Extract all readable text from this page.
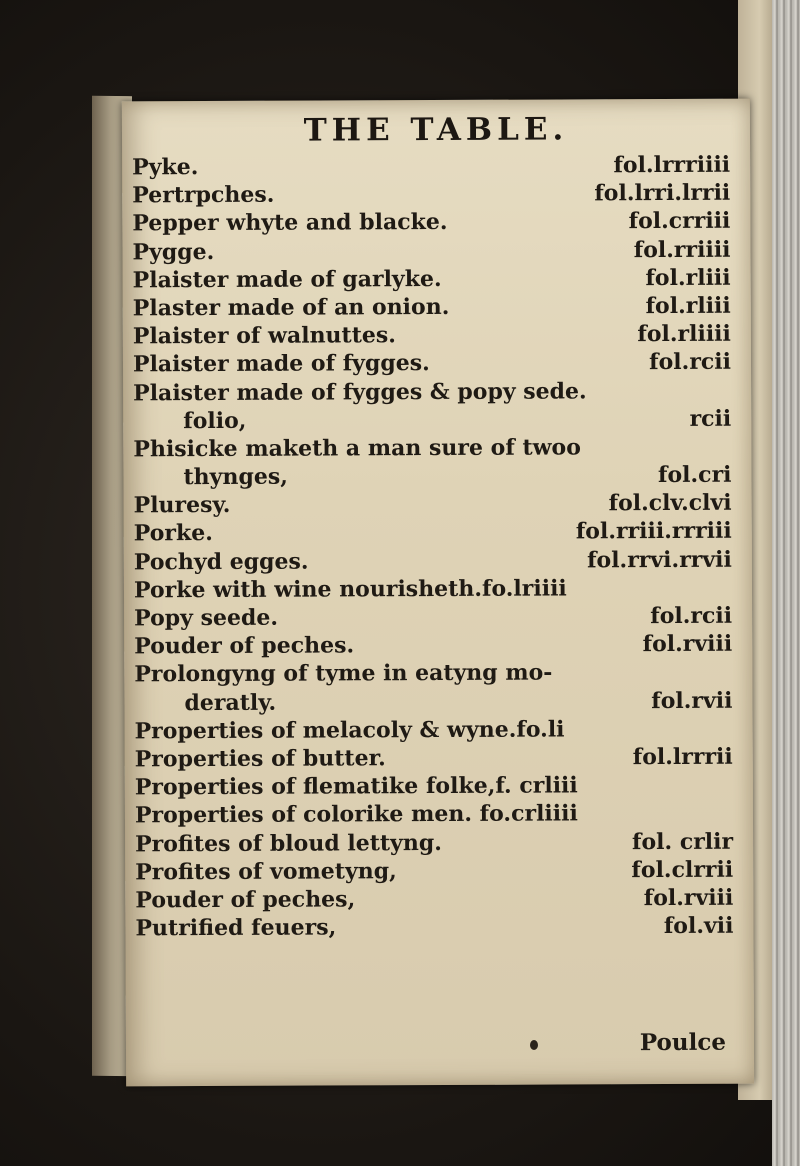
THE TABLE.
Pyke.	fol.lrrriiii
Pertrpches.	fol.lrri.lrrii
Pepper whyte and blacke.	fol.crriii
Pygge.	fol.rriiii
Plaister made of garlyke.	fol.rliii
Plaster made of an onion.	fol.rliii
Plaister of walnuttes.	fol.rliiii
Plaister made of fygges.	fol.rcii
Plaister made of fygges & popy sede.
folio,	rcii
Phisicke maketh a man sure of twoo
thynges,	fol.cri
Pluresy.	fol.clv.clvi
Porke.	fol.rriii.rrriii
Pochyd egges.	fol.rrvi.rrvii
Porke with wine nourisheth.fo.lriiii
Popy seede.	fol.rcii
Pouder of peches.	fol.rviii
Prolongyng of tyme in eatyng mo-
deratly.	fol.rvii
Properties of melacoly & wyne.fo.li
Properties of butter.	fol.lrrrii
Properties of flematike folke,f. crliii
Properties of colorike men. fo.crliiii
Profites of bloud lettyng.	fol. crlir
Profites of vometyng,	fol.clrrii
Pouder of peches,	fol.rviii
Putrified feuers,	fol.vii
Poulce
